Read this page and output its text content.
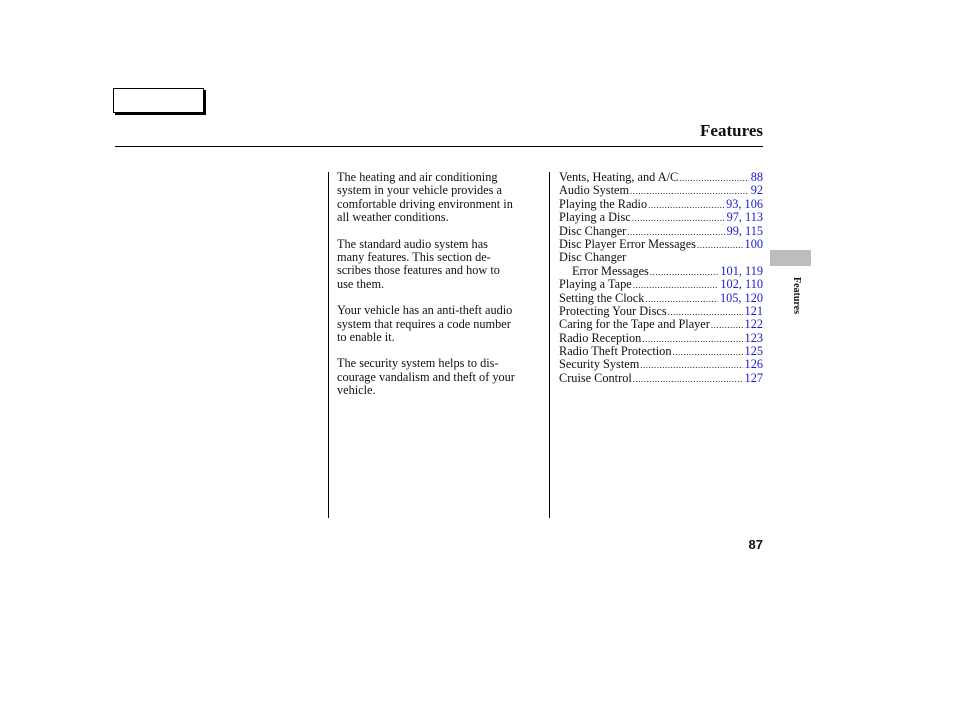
Features

The heating and air conditioning
system in your vehicle provides a
comfortable driving environment in
all weather conditions.

The standard audio system has
many features. This section de-
scribes those features and how to
use them.

Your vehicle has an anti-theft audio
system that requires a code number
to enable it.

The security system helps to dis-
courage vandalism and theft of your
vehicle.

Vents, Heating, and A/C .....	88
Audio System .....	92
Playing the Radio .....	93, 106
Playing a Disc .....	97, 113
Disc Changer .....	99, 115
Disc Player Error Messages .....	100
Disc Changer
Error Messages .....	101, 119
Playing a Tape .....	102, 110
Setting the Clock .....	105, 120
Protecting Your Discs .....	121
Caring for the Tape and Player .....	122
Radio Reception .....	123
Radio Theft Protection .....	125
Security System .....	126
Cruise Control .....	127
Features
87
